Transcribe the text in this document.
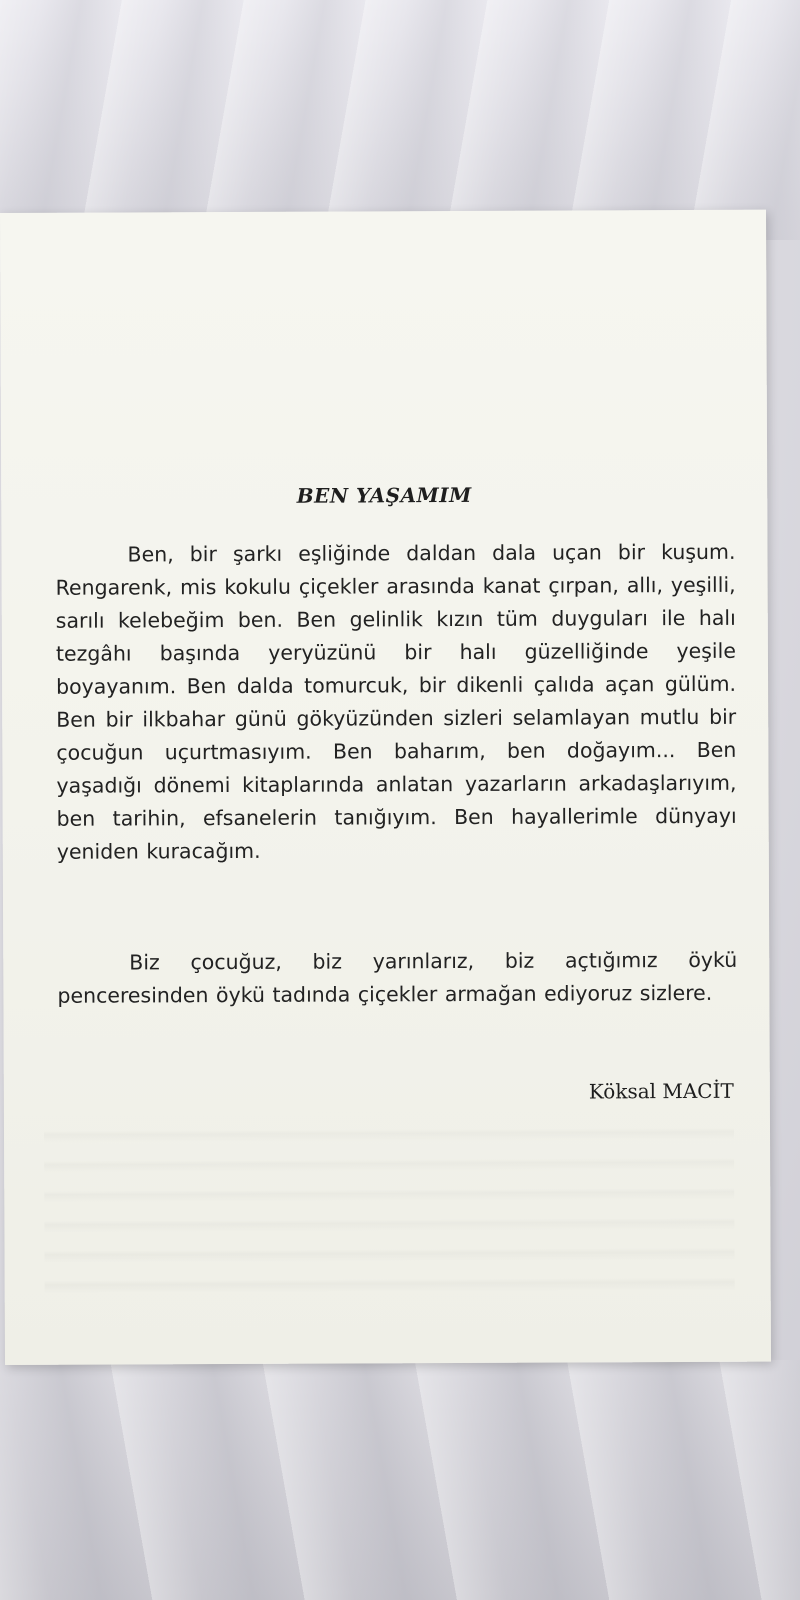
BEN YAŞAMIM

Ben, bir şarkı eşliğinde daldan dala uçan bir kuşum. Rengarenk, mis kokulu çiçekler arasında kanat çırpan, allı, yeşilli, sarılı kelebeğim ben. Ben gelinlik kızın tüm duyguları ile halı tezgâhı başında yeryüzünü bir halı güzelliğinde yeşile boyayanım. Ben dalda tomurcuk, bir dikenli çalıda açan gülüm. Ben bir ilkbahar günü gökyüzünden sizleri selamlayan mutlu bir çocuğun uçurtmasıyım. Ben baharım, ben doğayım... Ben yaşadığı dönemi kitaplarında anlatan yazarların arkadaşlarıyım, ben tarihin, efsanelerin tanığıyım. Ben hayallerimle dünyayı yeniden kuracağım.

Biz çocuğuz, biz yarınlarız, biz açtığımız öykü penceresinden öykü tadında çiçekler armağan ediyoruz sizlere.

Köksal MACİT
